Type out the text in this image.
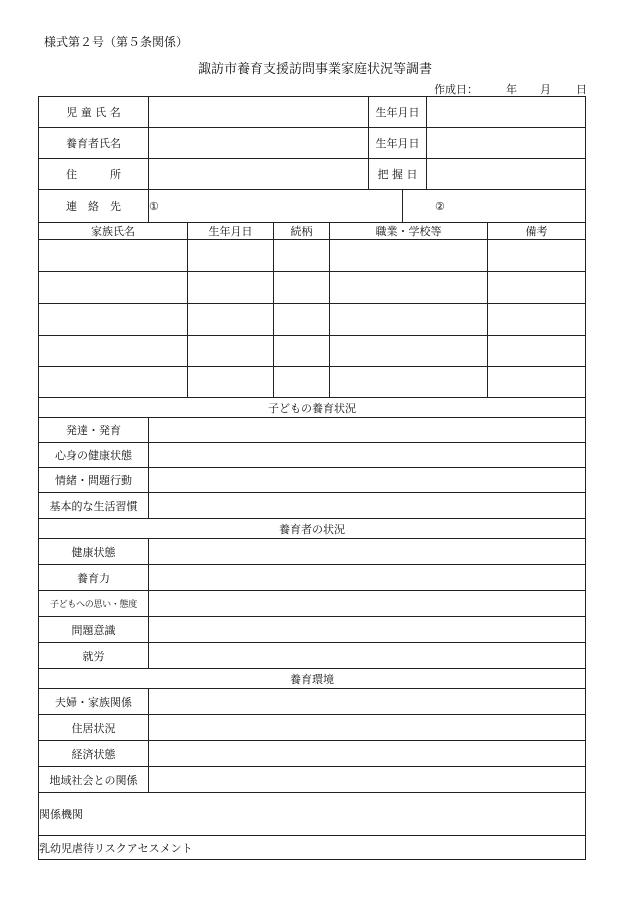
様式第２号（第５条関係）
諏訪市養育支援訪問事業家庭状況等調書
作成日：	年 月 日
児 童 氏 名					生年月日			
養育者氏名					生年月日			
住　　　所					把 握 日			
連　絡　先	①					②		
家族氏名		生年月日	続柄	職業・学校等				備考

子どもの養育状況								
発達・発育								
心身の健康状態								
情緒・問題行動								
基本的な生活習慣								
養育者の状況								
健康状態								
養育力								
子どもへの思い・態度								
問題意識								
就労								
養育環境								
夫婦・家族関係								
住居状況								
経済状態								
地域社会との関係								
関係機関								
乳幼児虐待リスクアセスメント								
